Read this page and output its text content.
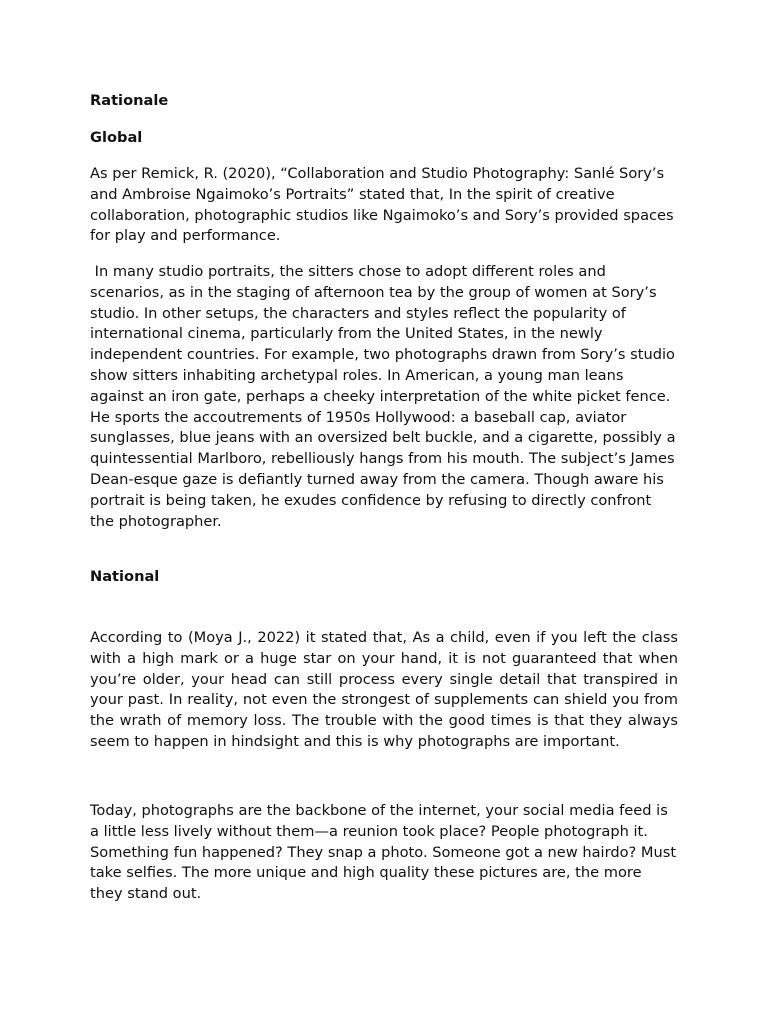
Rationale
Global

As per Remick, R. (2020), “Collaboration and Studio Photography: Sanlé Sory’s and Ambroise Ngaimoko’s Portraits” stated that, In the spirit of creative collaboration, photographic studios like Ngaimoko’s and Sory’s provided spaces for play and performance.

In many studio portraits, the sitters chose to adopt different roles and scenarios, as in the staging of afternoon tea by the group of women at Sory’s studio. In other setups, the characters and styles reflect the popularity of international cinema, particularly from the United States, in the newly independent countries. For example, two photographs drawn from Sory’s studio show sitters inhabiting archetypal roles. In American, a young man leans against an iron gate, perhaps a cheeky interpretation of the white picket fence. He sports the accoutrements of 1950s Hollywood: a baseball cap, aviator sunglasses, blue jeans with an oversized belt buckle, and a cigarette, possibly a quintessential Marlboro, rebelliously hangs from his mouth. The subject’s James Dean-esque gaze is defiantly turned away from the camera. Though aware his portrait is being taken, he exudes confidence by refusing to directly confront the photographer.

National

According to (Moya J., 2022) it stated that, As a child, even if you left the class with a high mark or a huge star on your hand, it is not guaranteed that when you’re older, your head can still process every single detail that transpired in your past. In reality, not even the strongest of supplements can shield you from the wrath of memory loss. The trouble with the good times is that they always seem to happen in hindsight and this is why photographs are important.

Today, photographs are the backbone of the internet, your social media feed is a little less lively without them—a reunion took place? People photograph it. Something fun happened? They snap a photo. Someone got a new hairdo? Must take selfies. The more unique and high quality these pictures are, the more they stand out.
